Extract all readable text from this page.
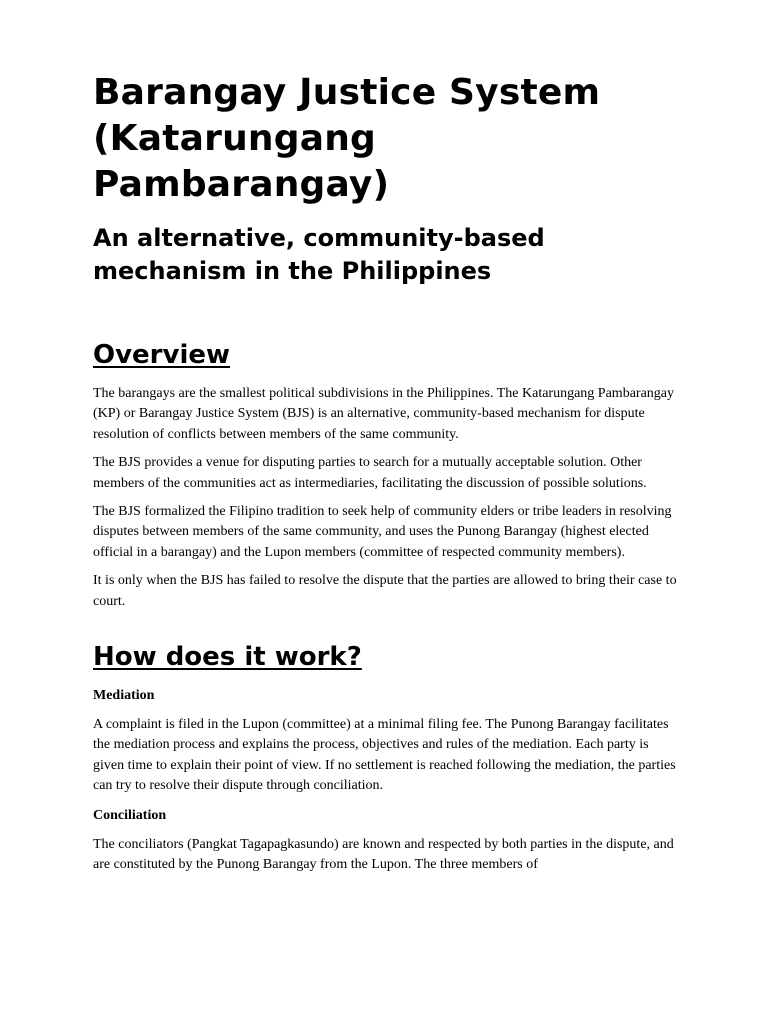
Barangay Justice System
(Katarungang
Pambarangay)
An alternative, community-based
mechanism in the Philippines
Overview

The barangays are the smallest political subdivisions in the Philippines. The Katarungang Pambarangay (KP) or Barangay Justice System (BJS) is an alternative, community-based mechanism for dispute resolution of conflicts between members of the same community.

The BJS provides a venue for disputing parties to search for a mutually acceptable solution. Other members of the communities act as intermediaries, facilitating the discussion of possible solutions.

The BJS formalized the Filipino tradition to seek help of community elders or tribe leaders in resolving disputes between members of the same community, and uses the Punong Barangay (highest elected official in a barangay) and the Lupon members (committee of respected community members).

It is only when the BJS has failed to resolve the dispute that the parties are allowed to bring their case to court.

How does it work?

Mediation

A complaint is filed in the Lupon (committee) at a minimal filing fee. The Punong Barangay facilitates the mediation process and explains the process, objectives and rules of the mediation. Each party is given time to explain their point of view. If no settlement is reached following the mediation, the parties can try to resolve their dispute through conciliation.

Conciliation

The conciliators (Pangkat Tagapagkasundo) are known and respected by both parties in the dispute, and are constituted by the Punong Barangay from the Lupon. The three members of
